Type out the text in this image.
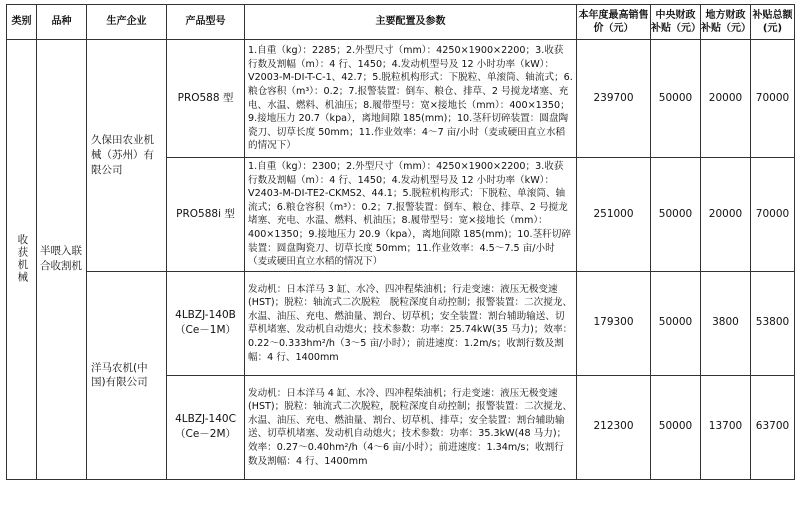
类别	品种	生产企业	产品型号	主要配置及参数	本年度最高销售价（元）	中央财政补贴（元）	地方财政补贴（元）	补贴总额(元)

收获机械	半喂入联合收割机	久保田农业机械（苏州）有限公司	PRO588 型	1.自重（kg）：2285；2.外型尺寸（mm）：4250×1900×2200；3.收获行数及割幅（m）：4 行、1450；4.发动机型号及 12 小时功率（kW）：V2003-M-DI-T-C-1、42.7；5.脱粒机构形式：下脱粒、单滚筒、轴流式；6.粮仓容积（m³）：0.2；7.报警装置：倒车、粮仓、排草、2 号搅龙堵塞、充电、水温、燃料、机油压；8.履带型号：宽×接地长（mm）：400×1350；9.接地压力 20.7（kpa），离地间隙 185(mm)；10.茎秆切碎装置：圆盘陶瓷刀、切草长度 50mm；11.作业效率：4～7 亩/小时（麦或硬田直立水稻的情况下）	239700	50000	20000	70000
			PRO588i 型	1.自重（kg）：2300；2.外型尺寸（mm）：4250×1900×2200；3.收获行数及割幅（m）：4 行、1450；4.发动机型号及 12 小时功率（kW）：V2403-M-DI-TE2-CKMS2、44.1；5.脱粒机构形式：下脱粒、单滚筒、轴流式；6.粮仓容积（m³）：0.2；7.报警装置：倒车、粮仓、排草、2 号搅龙堵塞、充电、水温、燃料、机油压；8.履带型号：宽×接地长（mm）：400×1350；9.接地压力 20.9（kpa），离地间隙 185(mm)；10.茎秆切碎装置：圆盘陶瓷刀、切草长度 50mm；11.作业效率：4.5～7.5 亩/小时（麦或硬田直立水稻的情况下）	251000	50000	20000	70000

		洋马农机(中国)有限公司	4LBZJ-140B（Ce－1M）	发动机：日本洋马 3 缸、水冷、四冲程柴油机；行走变速：液压无极变速(HST)；脱粒：轴流式二次脱粒　脱粒深度自动控制；报警装置：二次搅龙、水温、油压、充电、燃油量、割台、切草机；安全装置：割台辅助输送、切草机堵塞、发动机自动熄火；技术参数：功率：25.74kW(35 马力)；效率：0.22～0.333hm²/h（3～5 亩/小时）；前进速度：1.2m/s；收割行数及割幅：4 行、1400mm	179300	50000	3800	53800
			4LBZJ-140C（Ce－2M）	发动机：日本洋马 4 缸、水冷、四冲程柴油机；行走变速：液压无极变速(HST)；脱粒：轴流式二次脱粒，脱粒深度自动控制；报警装置：二次搅龙、水温、油压、充电、燃油量、割台、切草机、排草；安全装置：割台辅助输送、切草机堵塞、发动机自动熄火；技术参数：功率：35.3kW(48 马力)；效率：0.27～0.40hm²/h（4～6 亩/小时）；前进速度：1.34m/s；收割行数及割幅：4 行、1400mm	212300	50000	13700	63700
